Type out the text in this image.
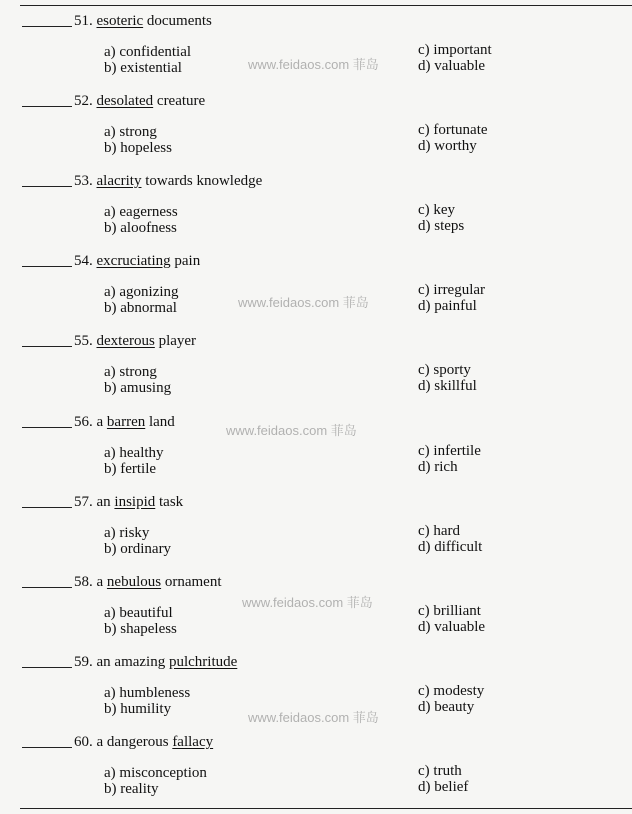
51. esoteric documents
a) confidential
b) existential
c) important
d) valuable
52. desolated creature
a) strong
b) hopeless
c) fortunate
d) worthy
53. alacrity towards knowledge
a) eagerness
b) aloofness
c) key
d) steps
54. excruciating pain
a) agonizing
b) abnormal
c) irregular
d) painful
55. dexterous player
a) strong
b) amusing
c) sporty
d) skillful
56. a barren land
a) healthy
b) fertile
c) infertile
d) rich
57. an insipid task
a) risky
b) ordinary
c) hard
d) difficult
58. a nebulous ornament
a) beautiful
b) shapeless
c) brilliant
d) valuable
59. an amazing pulchritude
a) humbleness
b) humility
c) modesty
d) beauty
60. a dangerous fallacy
a) misconception
b) reality
c) truth
d) belief
www.feidaos.com 菲岛
www.feidaos.com 菲岛
www.feidaos.com 菲岛
www.feidaos.com 菲岛
www.feidaos.com 菲岛
